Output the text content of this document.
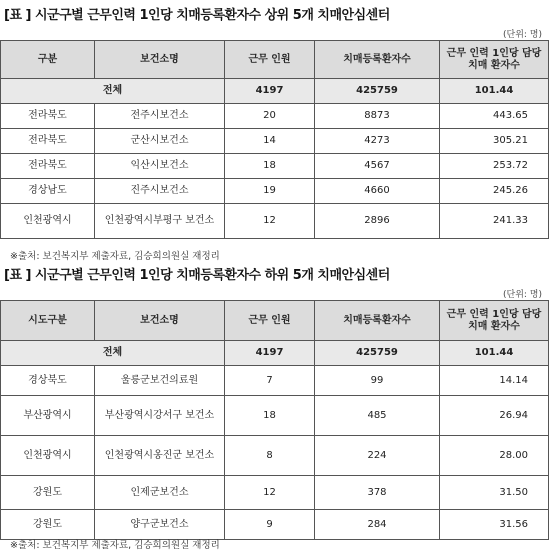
[표 ] 시군구별 근무인력 1인당 치매등록환자수 상위 5개 치매안심센터
(단위: 명)
구분	보건소명	근무 인원	치매등록환자수	근무 인력 1인당 담당 치매 환자수
전체		4197	425759	101.44
전라북도	전주시보건소	20	8873	443.65
전라북도	군산시보건소	14	4273	305.21
전라북도	익산시보건소	18	4567	253.72
경상남도	진주시보건소	19	4660	245.26
인천광역시	인천광역시부평구 보건소	12	2896	241.33
※출처: 보건복지부 제출자료, 김승희의원실 재정리
[표 ] 시군구별 근무인력 1인당 치매등록환자수 하위 5개 치매안심센터
(단위: 명)
시도구분	보건소명	근무 인원	치매등록환자수	근무 인력 1인당 담당 치매 환자수
전체		4197	425759	101.44
경상북도	울릉군보건의료원	7	99	14.14
부산광역시	부산광역시강서구 보건소	18	485	26.94
인천광역시	인천광역시옹진군 보건소	8	224	28.00
강원도	인제군보건소	12	378	31.50
강원도	양구군보건소	9	284	31.56
※출처: 보건복지부 제출자료, 김승희의원실 재정리
